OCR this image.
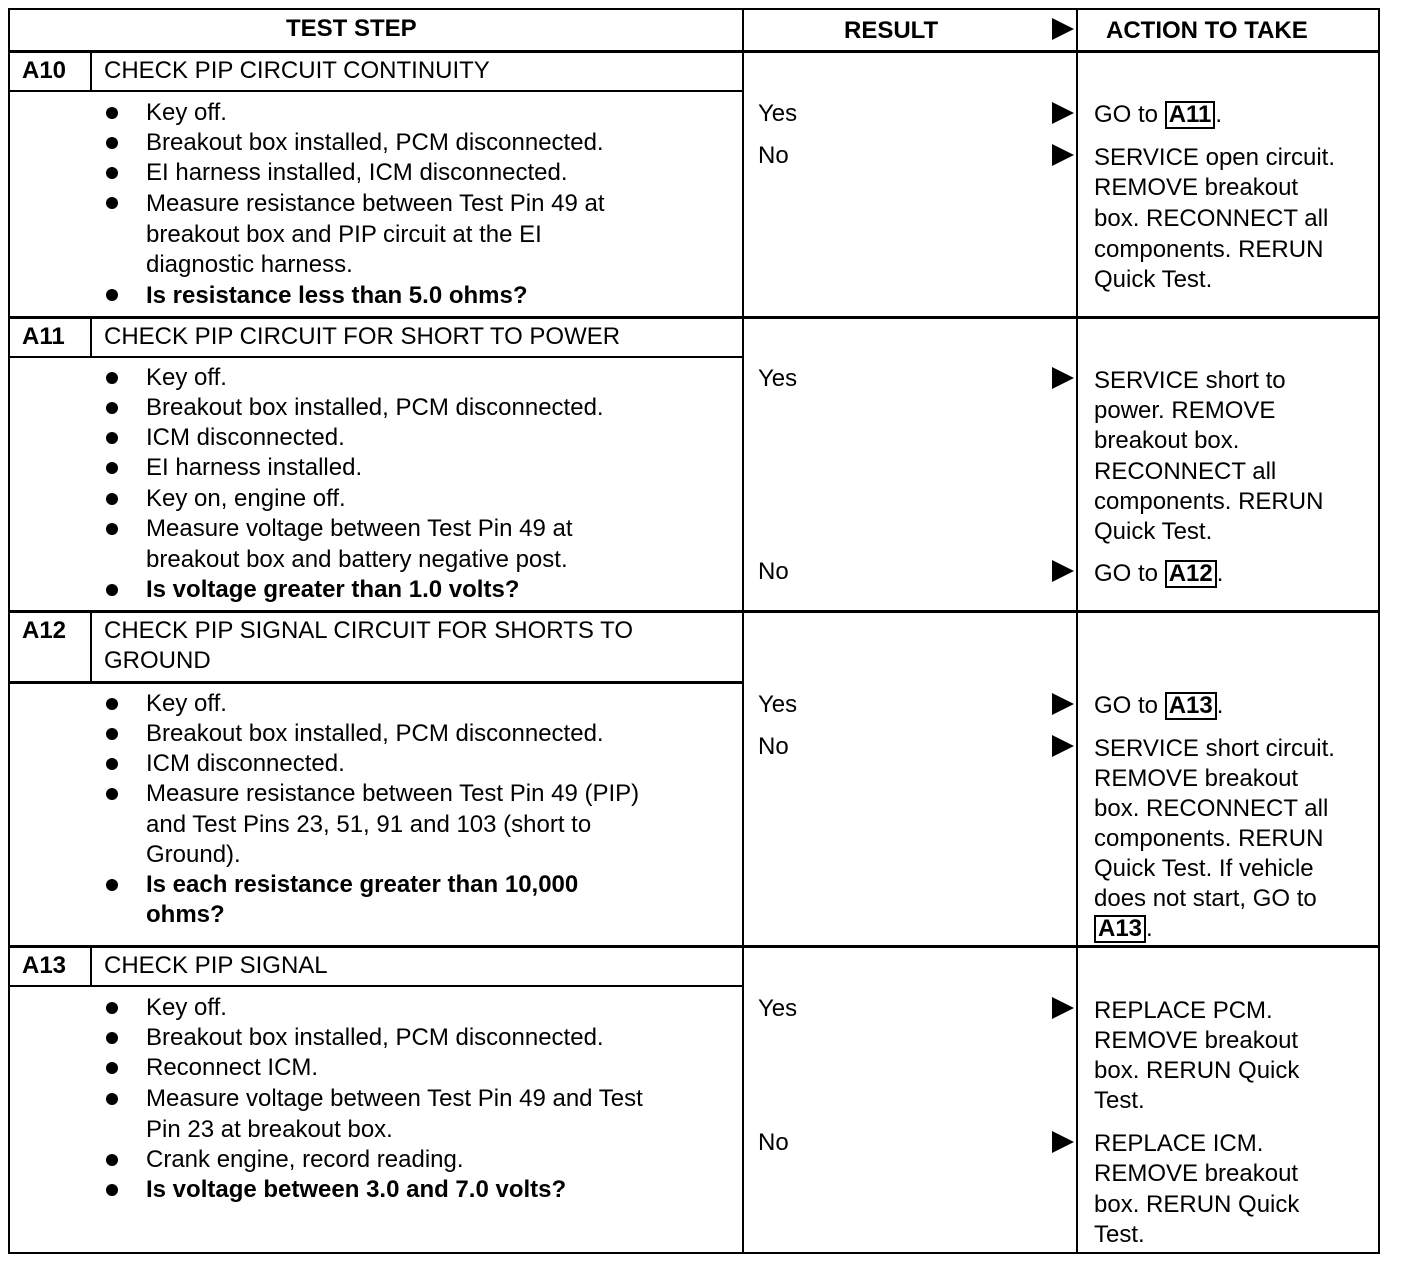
TEST STEP	RESULT	ACTION TO TAKE
A10 CHECK PIP CIRCUIT CONTINUITY
Key off.
Breakout box installed, PCM disconnected.
EI harness installed, ICM disconnected.
Measure resistance between Test Pin 49 at
breakout box and PIP circuit at the EI
diagnostic harness.
Is resistance less than 5.0 ohms?
Yes
No
GO to A11 .
SERVICE open circuit.
REMOVE breakout
box. RECONNECT all
components. RERUN
Quick Test.
A11 CHECK PIP CIRCUIT FOR SHORT TO POWER
Key off.
Breakout box installed, PCM disconnected.
ICM disconnected.
EI harness installed.
Key on, engine off.
Measure voltage between Test Pin 49 at
breakout box and battery negative post.
Is voltage greater than 1.0 volts?
Yes
No
SERVICE short to
power. REMOVE
breakout box.
RECONNECT all
components. RERUN
Quick Test.
GO to A12 .
A12 CHECK PIP SIGNAL CIRCUIT FOR SHORTS TO
GROUND
Key off.
Breakout box installed, PCM disconnected.
ICM disconnected.
Measure resistance between Test Pin 49 (PIP)
and Test Pins 23, 51, 91 and 103 (short to
Ground).
Is each resistance greater than 10,000
ohms?
Yes
No
GO to A13 .
SERVICE short circuit.
REMOVE breakout
box. RECONNECT all
components. RERUN
Quick Test. If vehicle
does not start, GO to
A13 .
A13 CHECK PIP SIGNAL
Key off.
Breakout box installed, PCM disconnected.
Reconnect ICM.
Measure voltage between Test Pin 49 and Test
Pin 23 at breakout box.
Crank engine, record reading.
Is voltage between 3.0 and 7.0 volts?
Yes
No
REPLACE PCM.
REMOVE breakout
box. RERUN Quick
Test.
REPLACE ICM.
REMOVE breakout
box. RERUN Quick
Test.
